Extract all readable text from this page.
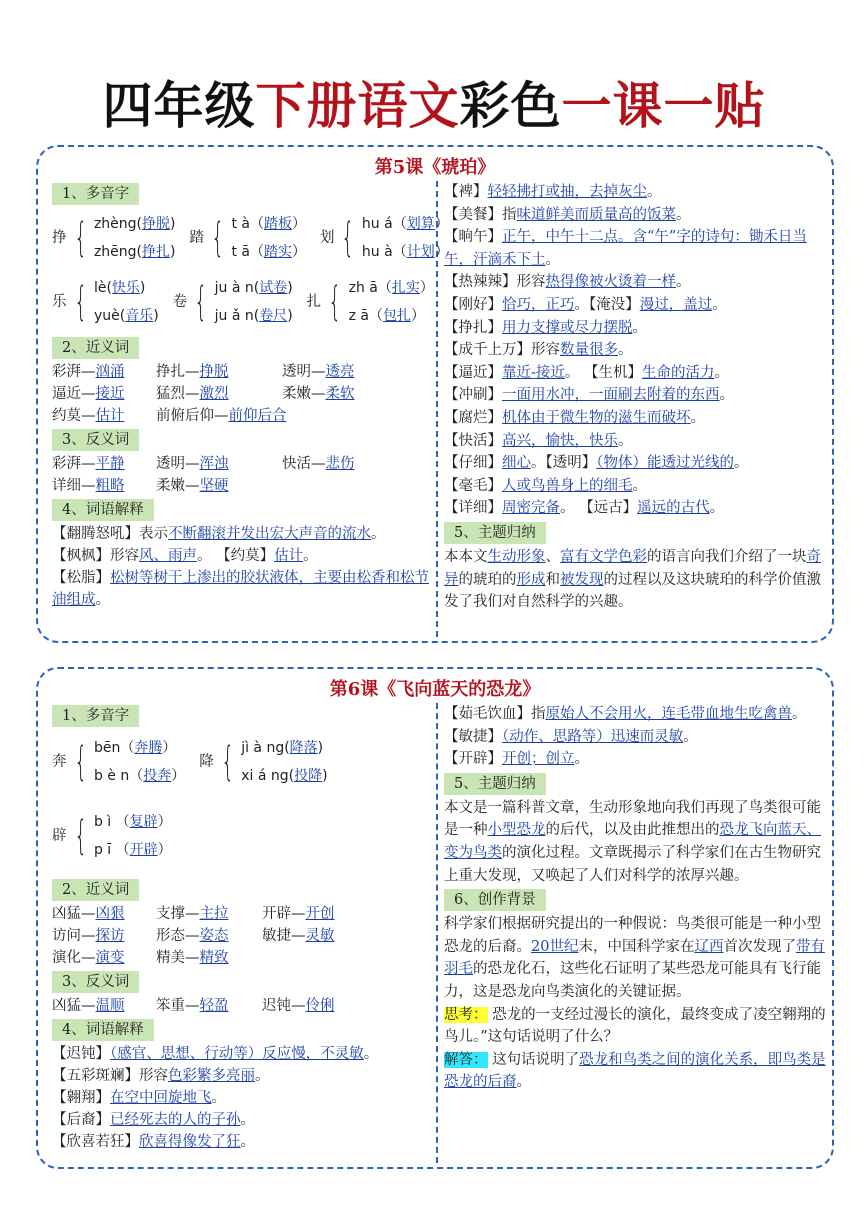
四年级下册语文彩色一课一贴
第5课《琥珀》
1、多音字
挣 { zhèng(挣脱)
zhēng(挣扎)
踏 { t à（踏板）
t ā（踏实）
划 { hu á（划算）
hu à（计划）
乐 { lè(快乐)
yuè(音乐)
卷 { ju à n(试卷)
ju ǎ n(卷尺)
扎 { zh ā（扎实）
z ā（包扎）
2、近义词
彩湃—汹涌 挣扎—挣脱	透明—透亮
逼近—接近 猛烈—激烈	柔嫩—柔软
约莫—估计 前俯后仰—前仰后合
3、反义词
彩湃—平静 透明—浑浊	快活—悲伤
详细—粗略 柔嫩—坚硬
4、词语解释

【翻腾怒吼】表示不断翻滚并发出宏大声音的流水。

【枫枫】形容风、雨声。 【约莫】估计。

【松脂】松树等树干上渗出的胶状液体，主要由松香和松节油组成。

【裨】轻轻拂打或抽，去掉灰尘。

【美餐】指味道鲜美而质量高的饭菜。

【晌午】正午，中午十二点。含“午”字的诗句：锄禾日当午，汗滴禾下土。

【热辣辣】形容热得像被火烫着一样。

【刚好】恰巧，正巧。【淹没】漫过，盖过。

【挣扎】用力支撑或尽力摆脱。

【成千上万】形容数量很多。

【逼近】靠近-接近。 【生机】生命的活力。

【冲刷】一面用水冲，一面刷去附着的东西。

【腐烂】机体由于微生物的滋生而破坏。

【快活】高兴，愉快，快乐。

【仔细】细心。【透明】（物体）能透过光线的。

【毫毛】人或鸟兽身上的细毛。

【详细】周密完备。 【远古】遥远的古代。

5、主题归纳

本本文生动形象、富有文学色彩的语言向我们介绍了一块奇异的琥珀的形成和被发现的过程以及这块琥珀的科学价值激发了我们对自然科学的兴趣。

第6课《飞向蓝天的恐龙》
1、多音字
奔 { bēn（奔腾）
b è n（投奔）
降 { jì à ng(降落)
xi á ng(投降)
辟 { b ì （复辟）
p ī （开辟）
2、近义词
凶猛—凶狠 支撑—主拉 开辟—开创
访问—探访 形态—姿态 敏捷—灵敏
演化—演变 精美—精致
3、反义词
凶猛—温顺 笨重—轻盈 迟钝—伶俐
4、词语解释

【迟钝】（感官、思想、行动等）反应慢，不灵敏。

【五彩斑斓】形容色彩繁多亮丽。

【翱翔】在空中回旋地飞。

【后裔】已经死去的人的子孙。

【欣喜若狂】欣喜得像发了狂。

【茹毛饮血】指原始人不会用火，连毛带血地生吃禽兽。

【敏捷】（动作、思路等）迅速而灵敏。

【开辟】开创；创立。

5、主题归纳

本文是一篇科普文章，生动形象地向我们再现了鸟类很可能是一种小型恐龙的后代，以及由此推想出的恐龙飞向蓝天、变为鸟类的演化过程。文章既揭示了科学家们在古生物研究上重大发现，又唤起了人们对科学的浓厚兴趣。

6、创作背景

科学家们根据研究提出的一种假说：鸟类很可能是一种小型恐龙的后裔。20世纪末，中国科学家在辽西首次发现了带有羽毛的恐龙化石，这些化石证明了某些恐龙可能具有飞行能力，这是恐龙向鸟类演化的关键证据。

思考： 恐龙的一支经过漫长的演化，最终变成了凌空翱翔的鸟儿。”这句话说明了什么？

解答： 这句话说明了恐龙和鸟类之间的演化关系，即鸟类是恐龙的后裔。
